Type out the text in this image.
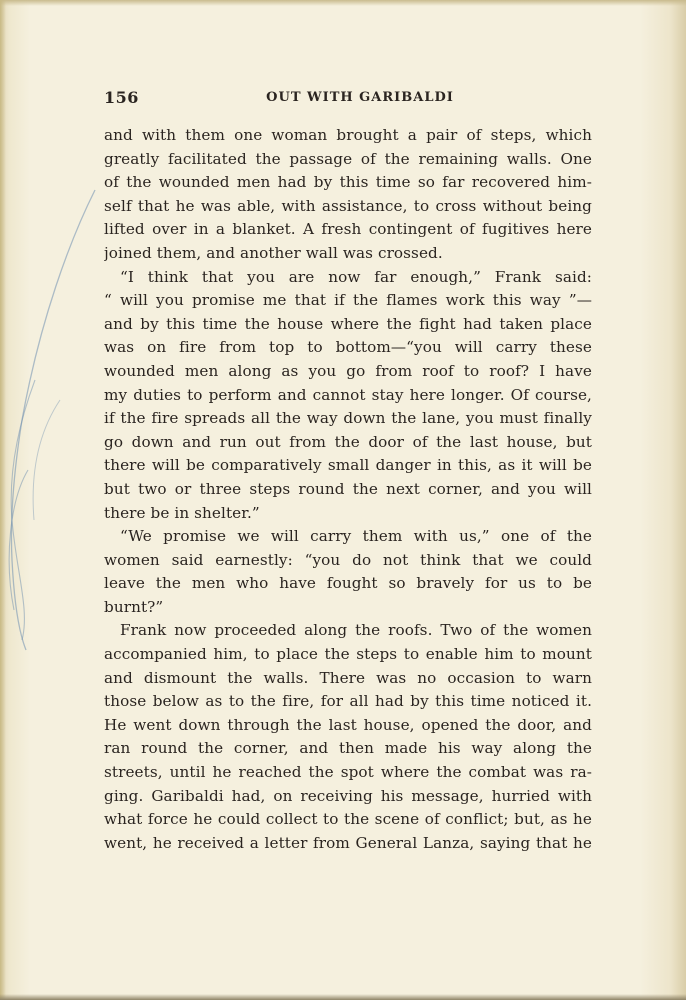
156	OUT WITH GARIBALDI
and with them one woman brought a pair of steps, which
greatly facilitated the passage of the remaining walls. One
of the wounded men had by this time so far recovered him-
self that he was able, with assistance, to cross without being
lifted over in a blanket. A fresh contingent of fugitives here
joined them, and another wall was crossed.
“I think that you are now far enough,” Frank said:
“ will you promise me that if the flames work this way ”—
and by this time the house where the fight had taken place
was on fire from top to bottom—“you will carry these
wounded men along as you go from roof to roof? I have
my duties to perform and cannot stay here longer. Of course,
if the fire spreads all the way down the lane, you must finally
go down and run out from the door of the last house, but
there will be comparatively small danger in this, as it will be
but two or three steps round the next corner, and you will
there be in shelter.”
“We promise we will carry them with us,” one of the
women said earnestly: “you do not think that we could
leave the men who have fought so bravely for us to be
burnt?”
Frank now proceeded along the roofs. Two of the women
accompanied him, to place the steps to enable him to mount
and dismount the walls. There was no occasion to warn
those below as to the fire, for all had by this time noticed it.
He went down through the last house, opened the door, and
ran round the corner, and then made his way along the
streets, until he reached the spot where the combat was ra-
ging. Garibaldi had, on receiving his message, hurried with
what force he could collect to the scene of conflict; but, as he
went, he received a letter from General Lanza, saying that he
